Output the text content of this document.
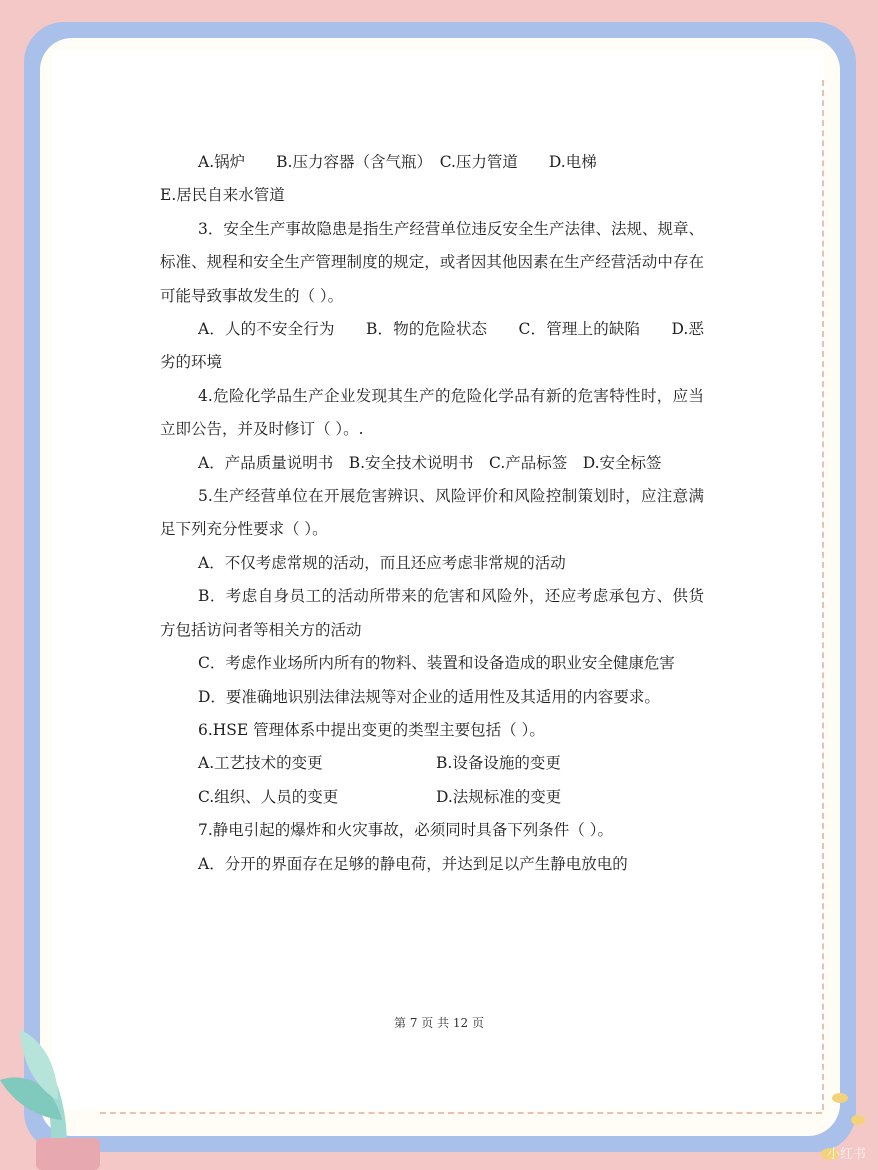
A.锅炉　　B.压力容器（含气瓶）　C.压力管道　　D.电梯

E.居民自来水管道

3．安全生产事故隐患是指生产经营单位违反安全生产法律、法规、规章、标准、规程和安全生产管理制度的规定，或者因其他因素在生产经营活动中存在可能导致事故发生的（ ）。

A．人的不安全行为　　B．物的危险状态　　C．管理上的缺陷　　D.恶劣的环境

4.危险化学品生产企业发现其生产的危险化学品有新的危害特性时，应当立即公告，并及时修订（ ）。.

A．产品质量说明书　B.安全技术说明书　C.产品标签　D.安全标签

5.生产经营单位在开展危害辨识、风险评价和风险控制策划时，应注意满足下列充分性要求（ ）。

A．不仅考虑常规的活动，而且还应考虑非常规的活动

B．考虑自身员工的活动所带来的危害和风险外，还应考虑承包方、供货方包括访问者等相关方的活动

C．考虑作业场所内所有的物料、装置和设备造成的职业安全健康危害

D．要准确地识别法律法规等对企业的适用性及其适用的内容要求。

6.HSE 管理体系中提出变更的类型主要包括（ ）。

A.工艺技术的变更	B.设备设施的变更
C.组织、人员的变更	D.法规标准的变更

7.静电引起的爆炸和火灾事故，必须同时具备下列条件（ ）。

A．分开的界面存在足够的静电荷，并达到足以产生静电放电的

第 7 页 共 12 页
小红书
